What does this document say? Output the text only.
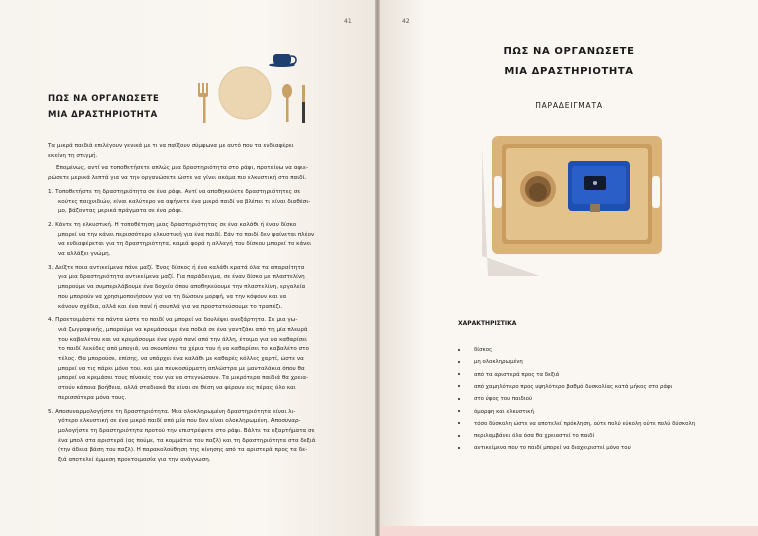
41
ΠΩΣ ΝΑ ΟΡΓΑΝΩΣΕΤΕ
ΜΙΑ ΔΡΑΣΤΗΡΙΟΤΗΤΑ
Τα μικρά παιδιά επιλέγουν γενικά με τι να παίξουν σύμφωνα με αυτό που τα ενδιαφέρει
εκείνη τη στιγμή.
Επομένως, αντί να τοποθετήσετε απλώς μια δραστηριότητα στο ράφι, προτείνω να αφιε-
ρώσετε μερικά λεπτά για να την οργανώσετε ώστε να γίνει ακόμα πιο ελκυστική στο παιδί.
1. Τοποθετήστε τη δραστηριότητα σε ένα ράφι. Αντί να αποθηκεύετε δραστηριότητες σε
κούτες παιχνιδιών, είναι καλύτερο να αφήνετε ένα μικρό παιδί να βλέπει τι είναι διαθέσι-
μο, βάζοντας μερικά πράγματα σε ένα ράφι.
2. Κάντε τη ελκυστική. Η τοποθέτηση μιας δραστηριότητας σε ένα καλάθι ή έναν δίσκο
μπορεί να την κάνει περισσότερο ελκυστική για ένα παιδί. Εάν το παιδί δεν φαίνεται πλέον
να ενδιαφέρεται για τη δραστηριότητα, καμιά φορά η αλλαγή του δίσκου μπορεί το κάνει
να αλλάξει γνώμη.
3. Δείξτε ποια αντικείμενα πάνε μαζί. Ένας δίσκος ή ένα καλάθι κρατά όλα τα απαραίτητα
για μια δραστηριότητα αντικείμενα μαζί. Για παράδειγμα, σε έναν δίσκο με πλαστελίνη
μπορούμε να συμπεριλάβουμε ένα δοχείο όπου αποθηκεύουμε την πλαστελίνη, εργαλεία
που μπορούν να χρησιμοποιήσουν για να τη δώσουν μορφή, να την κόψουν και να
κάνουν σχέδια, αλλά και ένα πανί ή σουπλά για να προστατεύσουμε το τραπέζι.
4. Προετοιμάστε τα πάντα ώστε το παιδί να μπορεί να δουλέψει ανεξάρτητα. Σε μια γω-
νιά ζωγραφικής, μπορούμε να κρεμάσουμε ένα ποδιά σε ένα γαντζάκι από τη μία πλευρά
του καβαλέτου και να κρεμάσουμε ένα υγρό πανί από την άλλη, έτοιμο για να καθαρίσει
το παιδί λεκέδες από μπογιά, να σκουπίσει τα χέρια του ή να καθαρίσει το καβαλέτο στο
τέλος. Θα μπορούσε, επίσης, να υπάρχει ένα καλάθι με καθαρές κόλλες χαρτί, ώστε να
μπορεί να τις πάρει μόνο του, και μια πευκοσύρματη απλώστρα με μανταλάκια όπου θα
μπορεί να κρεμάσει τους πίνακές του για να στεγνώσουν. Τα μικρότερα παιδιά θα χρεια-
στούν κάποια βοήθεια, αλλά σταδιακά θα είναι σε θέση να φέρουν εις πέρας όλο και
περισσότερα μόνα τους.
5. Αποσυναρμολογήστε τη δραστηριότητα. Μια ολοκληρωμένη δραστηριότητα είναι λι-
γότερο ελκυστική σε ένα μικρό παιδί από μία που δεν είναι ολοκληρωμένη. Αποσυναρ-
μολογήστε τη δραστηριότητα προτού την επιστρέψετε στο ράφι. Βάλτε τα εξαρτήματα σε
ένα μπολ στα αριστερά (ας πούμε, τα κομμάτια του παζλ) και τη δραστηριότητα στα δεξιά
(την άδεια βάση του παζλ). Η παρακολούθηση της κίνησης από τα αριστερά προς τα δε-
ξιά αποτελεί έμμεση προετοιμασία για την ανάγνωση.
42
ΠΩΣ ΝΑ ΟΡΓΑΝΩΣΕΤΕ
ΜΙΑ ΔΡΑΣΤΗΡΙΟΤΗΤΑ
ΠΑΡΑΔΕΙΓΜΑΤΑ
ΧΑΡΑΚΤΗΡΙΣΤΙΚΑ
δίσκος
μη ολοκληρωμένη
από τα αριστερά προς τα δεξιά
από χαμηλότερο προς υψηλότερο βαθμό δυσκολίας κατά μήκος στο ράφι
στο ύψος του παιδιού
όμορφη και ελκυστική
τόσο δύσκολη ώστε να αποτελεί πρόκληση, ούτε πολύ εύκολη ούτε πολύ δύσκολη
περιλαμβάνει όλα όσα θα χρειαστεί το παιδί
αντικείμενα που το παιδί μπορεί να διαχειριστεί μόνο του
